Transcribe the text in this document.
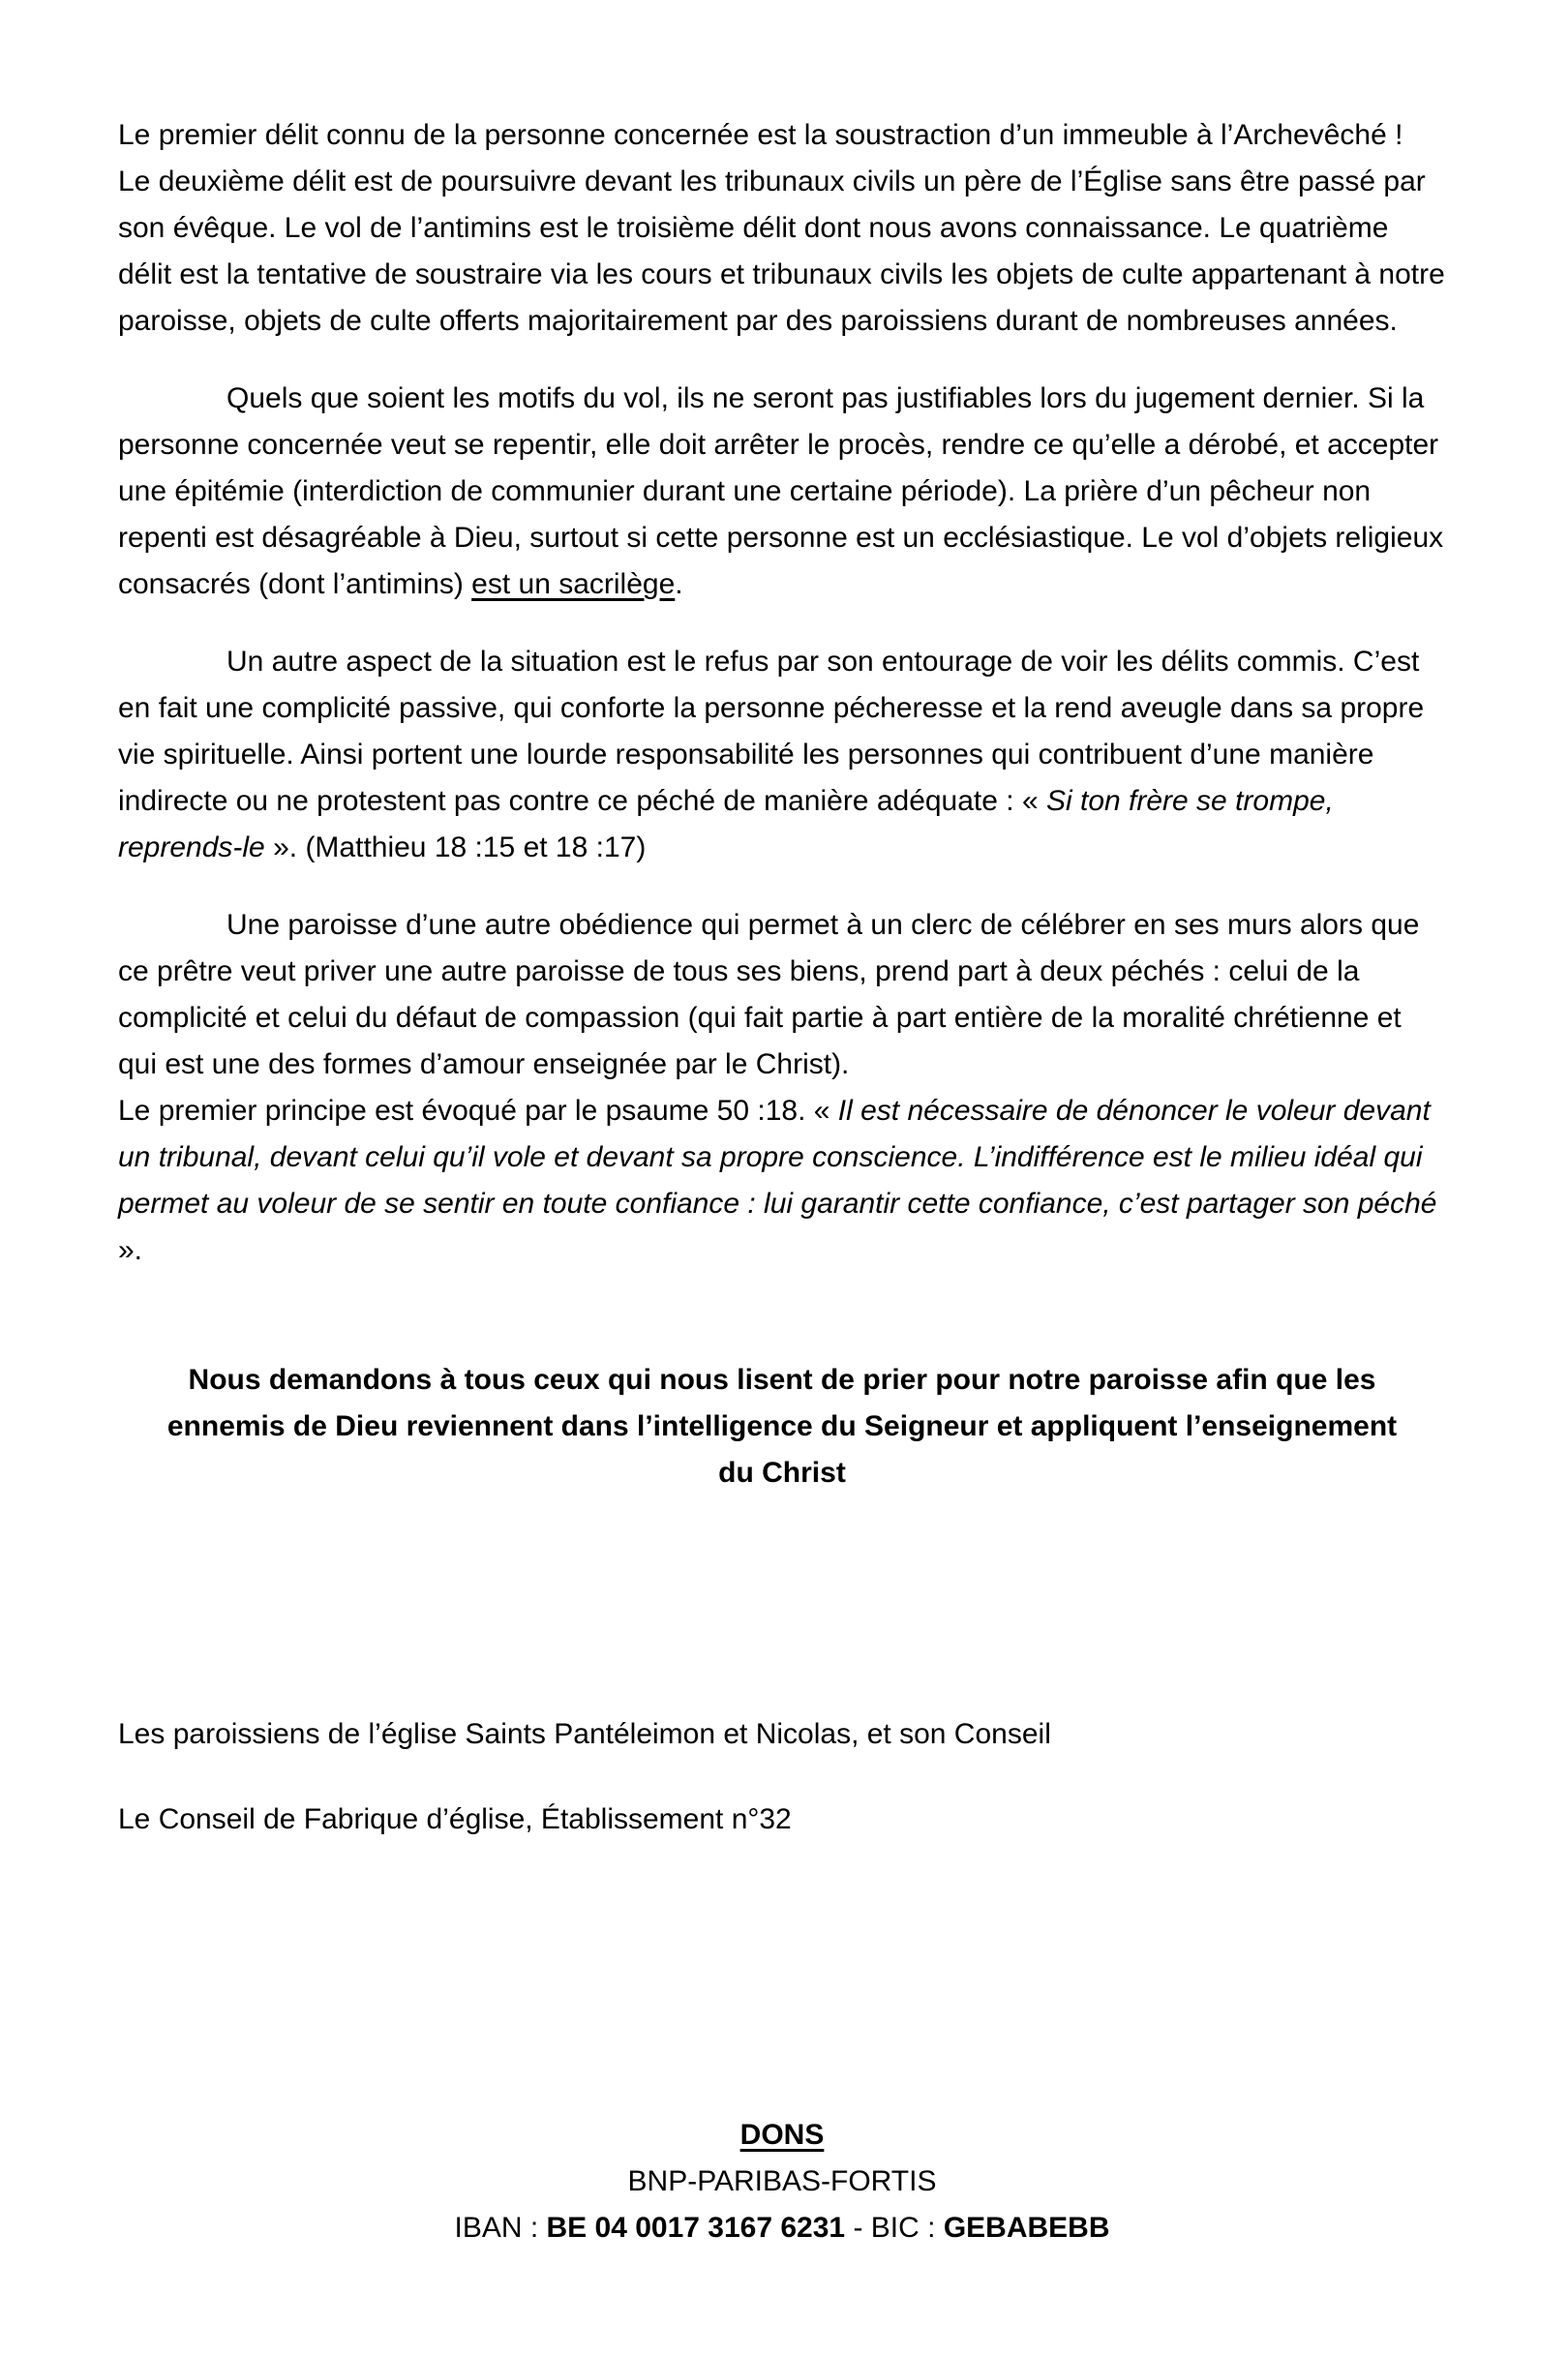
Le premier délit connu de la personne concernée est la soustraction d’un immeuble à l’Archevêché !  Le deuxième délit est de poursuivre devant les tribunaux civils un père de l’Église sans être passé par son évêque. Le vol de l’antimins est le troisième délit dont nous avons connaissance. Le quatrième délit est la tentative de soustraire via les cours et tribunaux civils les objets de culte appartenant à notre paroisse, objets de culte offerts majoritairement par des paroissiens durant de nombreuses années.

Quels que soient les motifs du vol, ils ne seront pas justifiables lors du jugement dernier. Si la personne concernée veut se repentir, elle doit arrêter le procès, rendre ce qu’elle a dérobé, et accepter une épitémie (interdiction de communier durant une certaine période). La prière d’un pêcheur non repenti est désagréable à Dieu, surtout si cette personne est un ecclésiastique. Le vol d’objets religieux consacrés (dont l’antimins) est un sacrilège.

Un autre aspect de la situation est le refus par son entourage de voir les délits commis. C’est en fait une complicité passive, qui conforte la personne pécheresse et la rend aveugle dans sa propre vie spirituelle. Ainsi portent une lourde responsabilité les personnes qui contribuent d’une manière indirecte ou ne protestent pas contre ce péché de manière adéquate : « Si ton frère se trompe, reprends-le ». (Matthieu 18 :15 et 18 :17)

Une paroisse d’une autre obédience qui permet à un clerc de célébrer en ses murs alors que ce prêtre veut priver une autre paroisse de tous ses biens, prend part à deux péchés : celui de la complicité et celui du défaut de compassion (qui fait partie à part entière de la moralité chrétienne et qui est une des formes d’amour enseignée par le Christ).
Le premier principe est évoqué par le psaume 50 :18. « Il est nécessaire de dénoncer le voleur devant un tribunal, devant celui qu’il vole et devant sa propre conscience. L’indifférence est le milieu idéal qui permet au voleur de se sentir en toute confiance : lui garantir cette confiance, c’est partager son péché ».

Nous demandons à tous ceux qui nous lisent de prier pour notre paroisse afin que les
ennemis de Dieu reviennent dans l’intelligence du Seigneur et appliquent l’enseignement
du Christ

Les paroissiens de l’église Saints Pantéleimon et Nicolas, et son Conseil

Le Conseil de Fabrique d’église, Établissement n°32

DONS
BNP-PARIBAS-FORTIS
IBAN : BE 04 0017 3167 6231 - BIC : GEBABEBB
